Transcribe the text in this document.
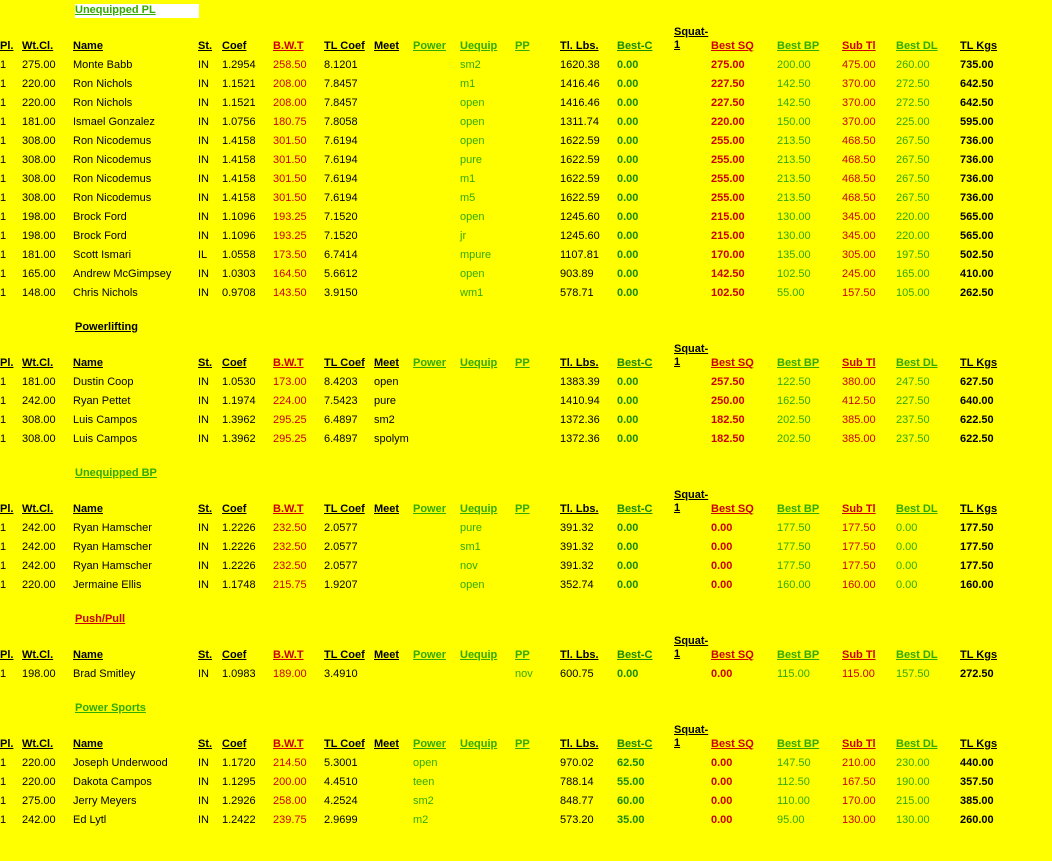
Unequipped PL
Pl.	Wt.Cl.	Name	St.	Coef	B.W.T	TL Coef	Meet	Power	Uequip	PP	Tl. Lbs.	Best-C	Squat-1	Best SQ	Best BP	Sub Tl	Best DL	TL Kgs
1	275.00	Monte Babb	IN	1.2954	258.50	8.1201			sm2		1620.38	0.00		275.00	200.00	475.00	260.00	735.00
1	220.00	Ron Nichols	IN	1.1521	208.00	7.8457			m1		1416.46	0.00		227.50	142.50	370.00	272.50	642.50
1	220.00	Ron Nichols	IN	1.1521	208.00	7.8457			open		1416.46	0.00		227.50	142.50	370.00	272.50	642.50
1	181.00	Ismael Gonzalez	IN	1.0756	180.75	7.8058			open		1311.74	0.00		220.00	150.00	370.00	225.00	595.00
1	308.00	Ron Nicodemus	IN	1.4158	301.50	7.6194			open		1622.59	0.00		255.00	213.50	468.50	267.50	736.00
1	308.00	Ron Nicodemus	IN	1.4158	301.50	7.6194			pure		1622.59	0.00		255.00	213.50	468.50	267.50	736.00
1	308.00	Ron Nicodemus	IN	1.4158	301.50	7.6194			m1		1622.59	0.00		255.00	213.50	468.50	267.50	736.00
1	308.00	Ron Nicodemus	IN	1.4158	301.50	7.6194			m5		1622.59	0.00		255.00	213.50	468.50	267.50	736.00
1	198.00	Brock Ford	IN	1.1096	193.25	7.1520			open		1245.60	0.00		215.00	130.00	345.00	220.00	565.00
1	198.00	Brock Ford	IN	1.1096	193.25	7.1520			jr		1245.60	0.00		215.00	130.00	345.00	220.00	565.00
1	181.00	Scott Ismari	IL	1.0558	173.50	6.7414			mpure		1107.81	0.00		170.00	135.00	305.00	197.50	502.50
1	165.00	Andrew McGimpsey	IN	1.0303	164.50	5.6612			open		903.89	0.00		142.50	102.50	245.00	165.00	410.00
1	148.00	Chris Nichols	IN	0.9708	143.50	3.9150			wm1		578.71	0.00		102.50	55.00	157.50	105.00	262.50
Powerlifting
Pl.	Wt.Cl.	Name	St.	Coef	B.W.T	TL Coef	Meet	Power	Uequip	PP	Tl. Lbs.	Best-C	Squat-1	Best SQ	Best BP	Sub Tl	Best DL	TL Kgs
1	181.00	Dustin Coop	IN	1.0530	173.00	8.4203	open				1383.39	0.00		257.50	122.50	380.00	247.50	627.50
1	242.00	Ryan Pettet	IN	1.1974	224.00	7.5423	pure				1410.94	0.00		250.00	162.50	412.50	227.50	640.00
1	308.00	Luis Campos	IN	1.3962	295.25	6.4897	sm2				1372.36	0.00		182.50	202.50	385.00	237.50	622.50
1	308.00	Luis Campos	IN	1.3962	295.25	6.4897	spolym				1372.36	0.00		182.50	202.50	385.00	237.50	622.50
Unequipped BP
Pl.	Wt.Cl.	Name	St.	Coef	B.W.T	TL Coef	Meet	Power	Uequip	PP	Tl. Lbs.	Best-C	Squat-1	Best SQ	Best BP	Sub Tl	Best DL	TL Kgs
1	242.00	Ryan Hamscher	IN	1.2226	232.50	2.0577			pure		391.32	0.00		0.00	177.50	177.50	0.00	177.50
1	242.00	Ryan Hamscher	IN	1.2226	232.50	2.0577			sm1		391.32	0.00		0.00	177.50	177.50	0.00	177.50
1	242.00	Ryan Hamscher	IN	1.2226	232.50	2.0577			nov		391.32	0.00		0.00	177.50	177.50	0.00	177.50
1	220.00	Jermaine Ellis	IN	1.1748	215.75	1.9207			open		352.74	0.00		0.00	160.00	160.00	0.00	160.00
Push/Pull
Pl.	Wt.Cl.	Name	St.	Coef	B.W.T	TL Coef	Meet	Power	Uequip	PP	Tl. Lbs.	Best-C	Squat-1	Best SQ	Best BP	Sub Tl	Best DL	TL Kgs
1	198.00	Brad Smitley	IN	1.0983	189.00	3.4910				nov	600.75	0.00		0.00	115.00	115.00	157.50	272.50
Power Sports
Pl.	Wt.Cl.	Name	St.	Coef	B.W.T	TL Coef	Meet	Power	Uequip	PP	Tl. Lbs.	Best-C	Squat-1	Best SQ	Best BP	Sub Tl	Best DL	TL Kgs
1	220.00	Joseph Underwood	IN	1.1720	214.50	5.3001		open			970.02	62.50		0.00	147.50	210.00	230.00	440.00
1	220.00	Dakota Campos	IN	1.1295	200.00	4.4510		teen			788.14	55.00		0.00	112.50	167.50	190.00	357.50
1	275.00	Jerry Meyers	IN	1.2926	258.00	4.2524		sm2			848.77	60.00		0.00	110.00	170.00	215.00	385.00
1	242.00	Ed Lytl	IN	1.2422	239.75	2.9699		m2			573.20	35.00		0.00	95.00	130.00	130.00	260.00
